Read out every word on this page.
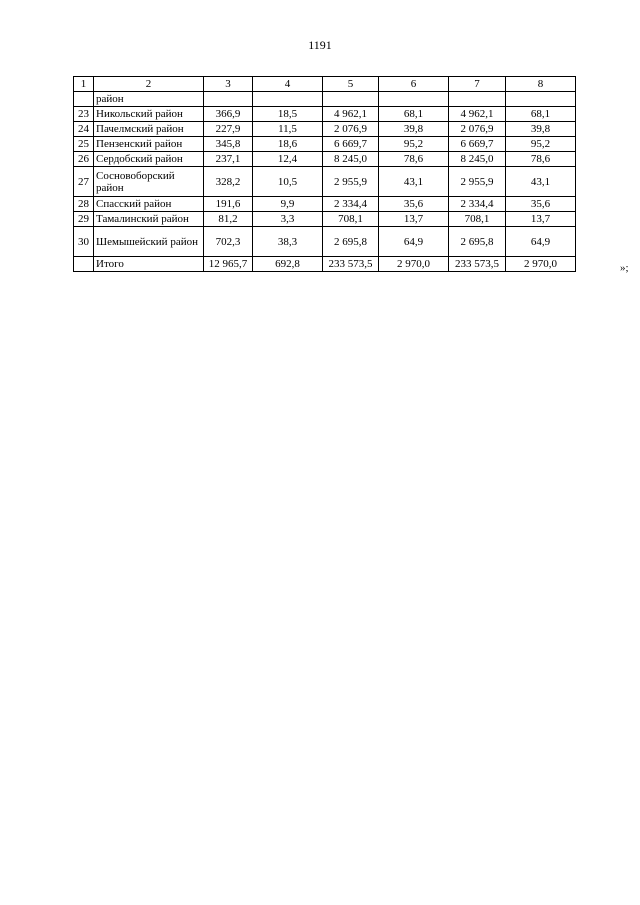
1191
1	2	3	4	5	6	7	8
	район						
23	Никольский район	366,9	18,5	4 962,1	68,1	4 962,1	68,1
24	Пачелмский район	227,9	11,5	2 076,9	39,8	2 076,9	39,8
25	Пензенский район	345,8	18,6	6 669,7	95,2	6 669,7	95,2
26	Сердобский район	237,1	12,4	8 245,0	78,6	8 245,0	78,6
27	Сосновоборский район	328,2	10,5	2 955,9	43,1	2 955,9	43,1
28	Спасский район	191,6	9,9	2 334,4	35,6	2 334,4	35,6
29	Тамалинский район	81,2	3,3	708,1	13,7	708,1	13,7
30	Шемышейский район	702,3	38,3	2 695,8	64,9	2 695,8	64,9
	Итого	12 965,7	692,8	233 573,5	2 970,0	233 573,5	2 970,0	»;
